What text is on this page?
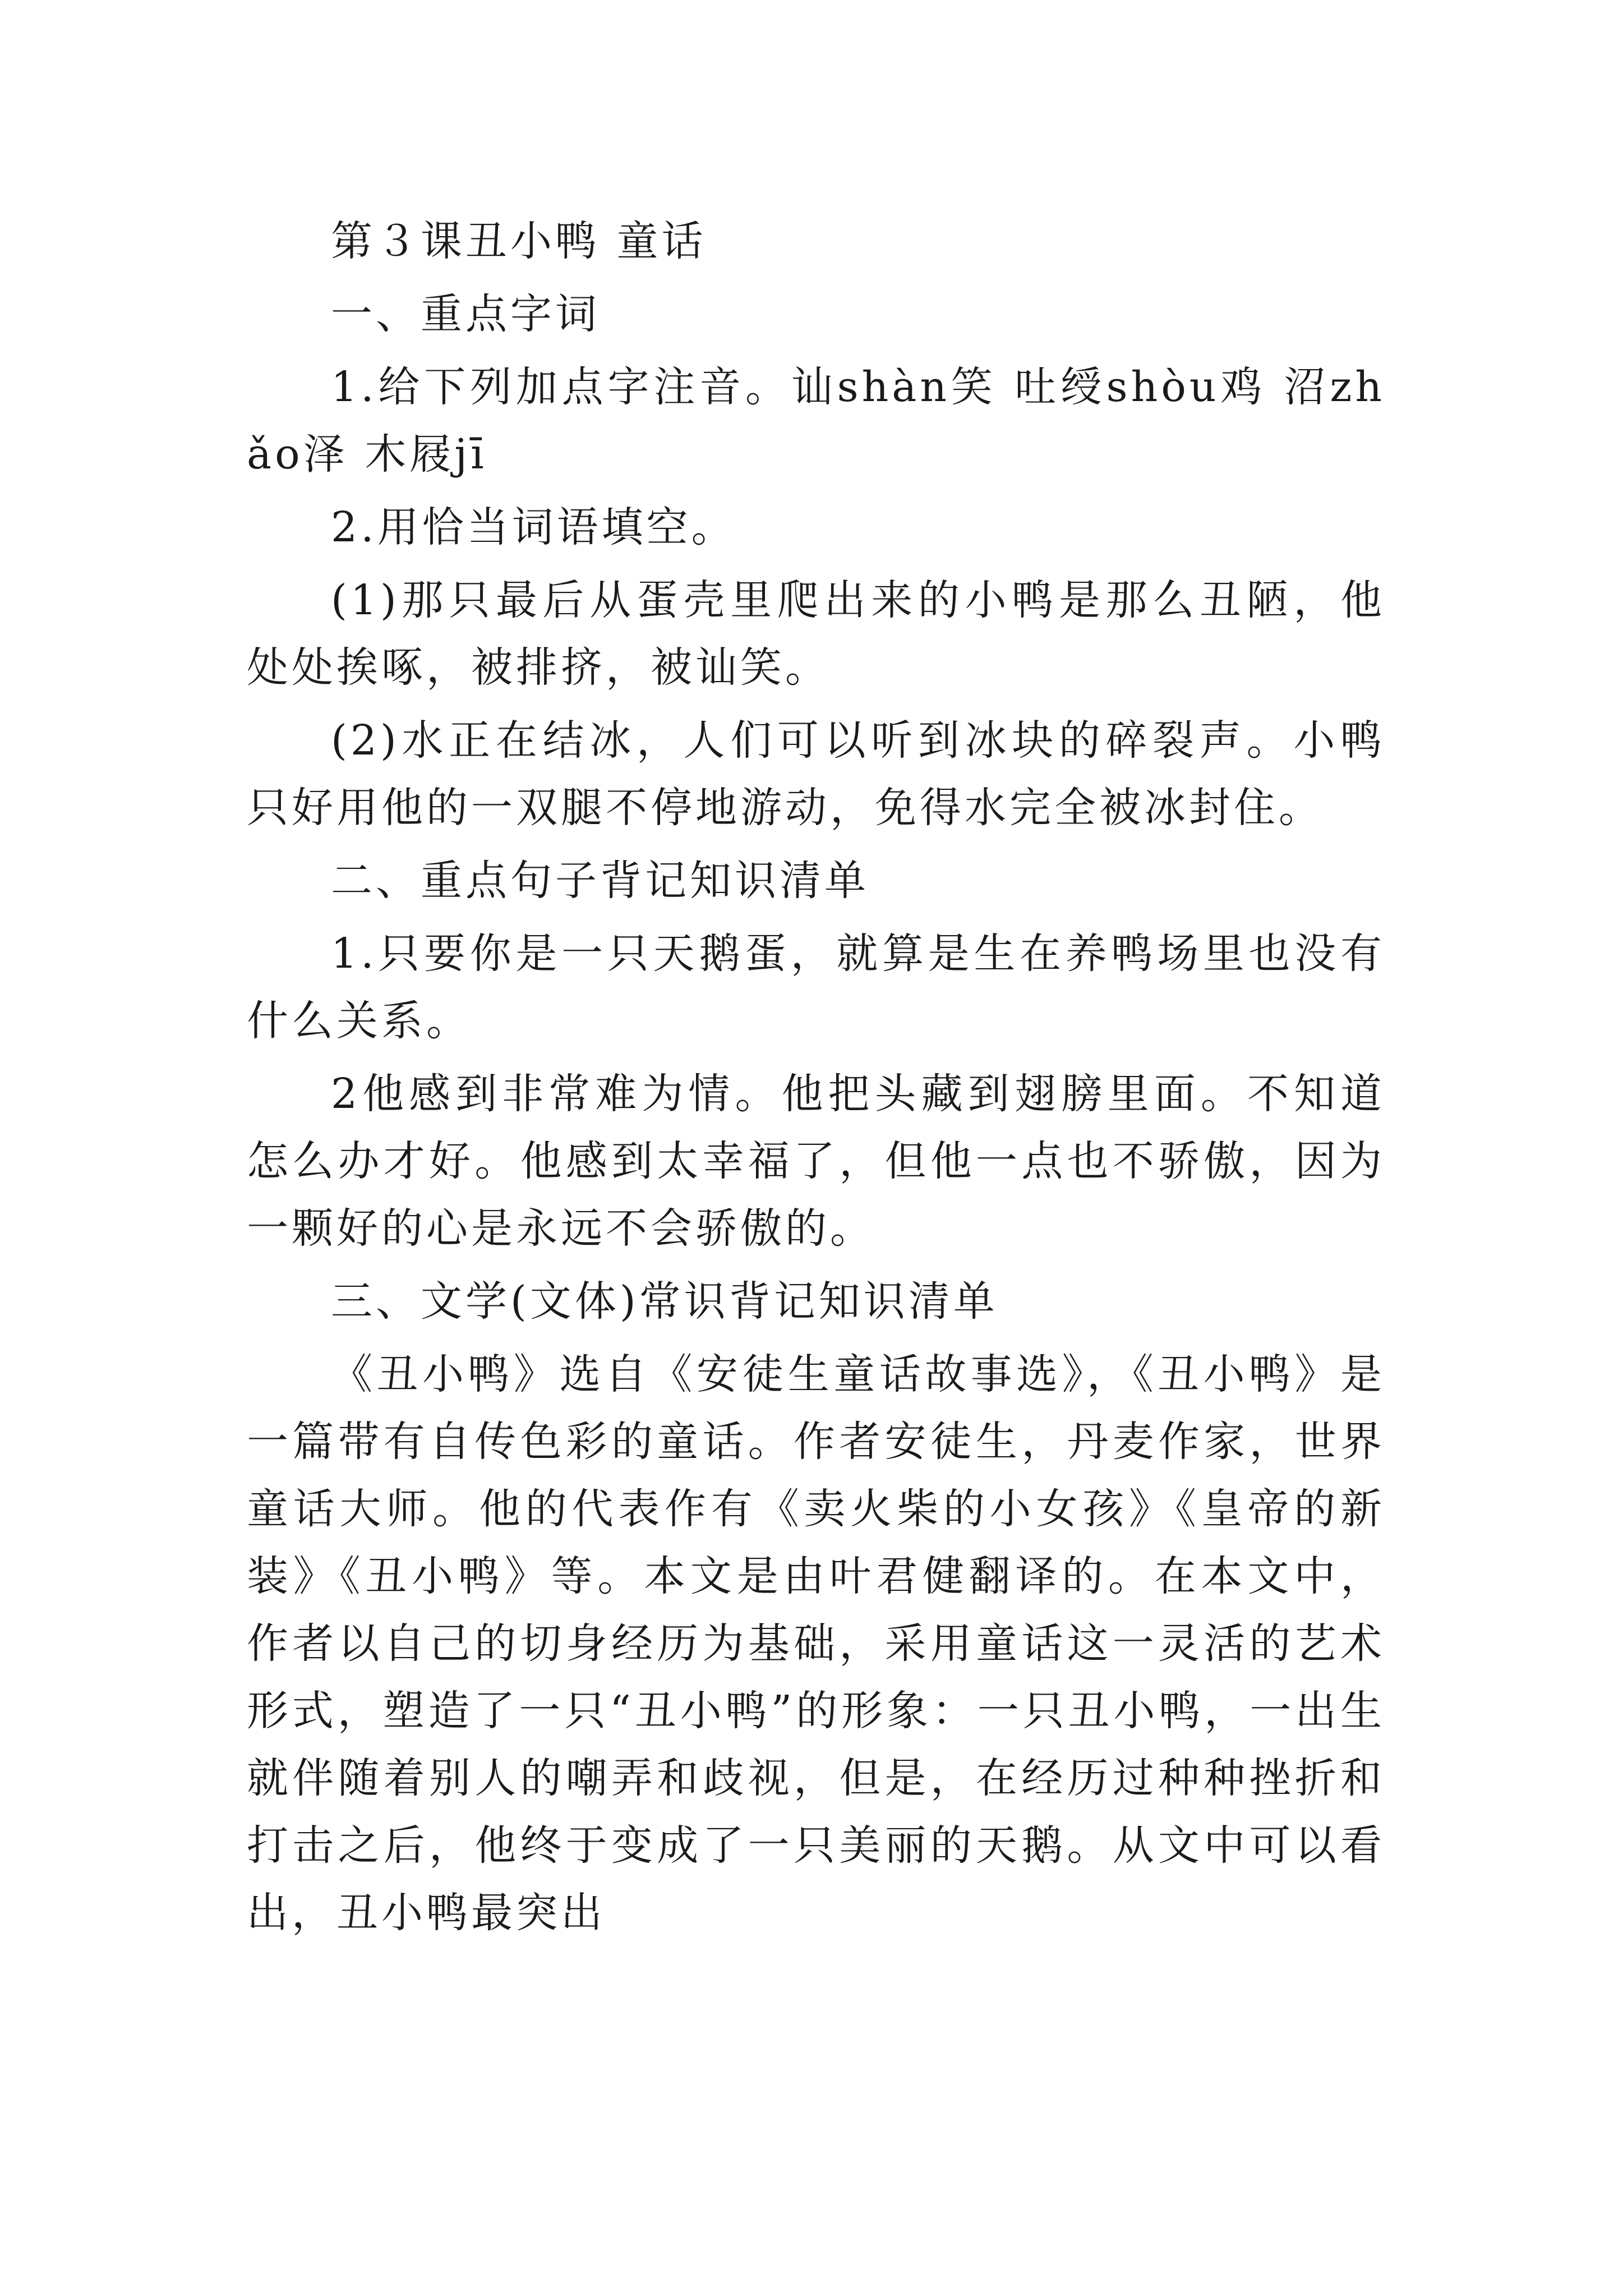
第３课丑小鸭 童话

一、重点字词

1.给下列加点字注音。讪shàn笑 吐绶shòu鸡 沼zhǎo泽 木屐jī

2.用恰当词语填空。

(1)那只最后从蛋壳里爬出来的小鸭是那么丑陋，他处处挨啄，被排挤，被讪笑。

(2)水正在结冰，人们可以听到冰块的碎裂声。小鸭只好用他的一双腿不停地游动，免得水完全被冰封住。

二、重点句子背记知识清单

1.只要你是一只天鹅蛋，就算是生在养鸭场里也没有什么关系。

2他感到非常难为情。他把头藏到翅膀里面。不知道怎么办才好。他感到太幸福了，但他一点也不骄傲，因为一颗好的心是永远不会骄傲的。

三、文学(文体)常识背记知识清单

《丑小鸭》选自《安徒生童话故事选》，《丑小鸭》是一篇带有自传色彩的童话。作者安徒生，丹麦作家，世界童话大师。他的代表作有《卖火柴的小女孩》《皇帝的新装》《丑小鸭》等。本文是由叶君健翻译的。在本文中，作者以自己的切身经历为基础，采用童话这一灵活的艺术形式，塑造了一只“丑小鸭”的形象：一只丑小鸭，一出生就伴随着别人的嘲弄和歧视，但是，在经历过种种挫折和打击之后，他终于变成了一只美丽的天鹅。从文中可以看出，丑小鸭最突出
